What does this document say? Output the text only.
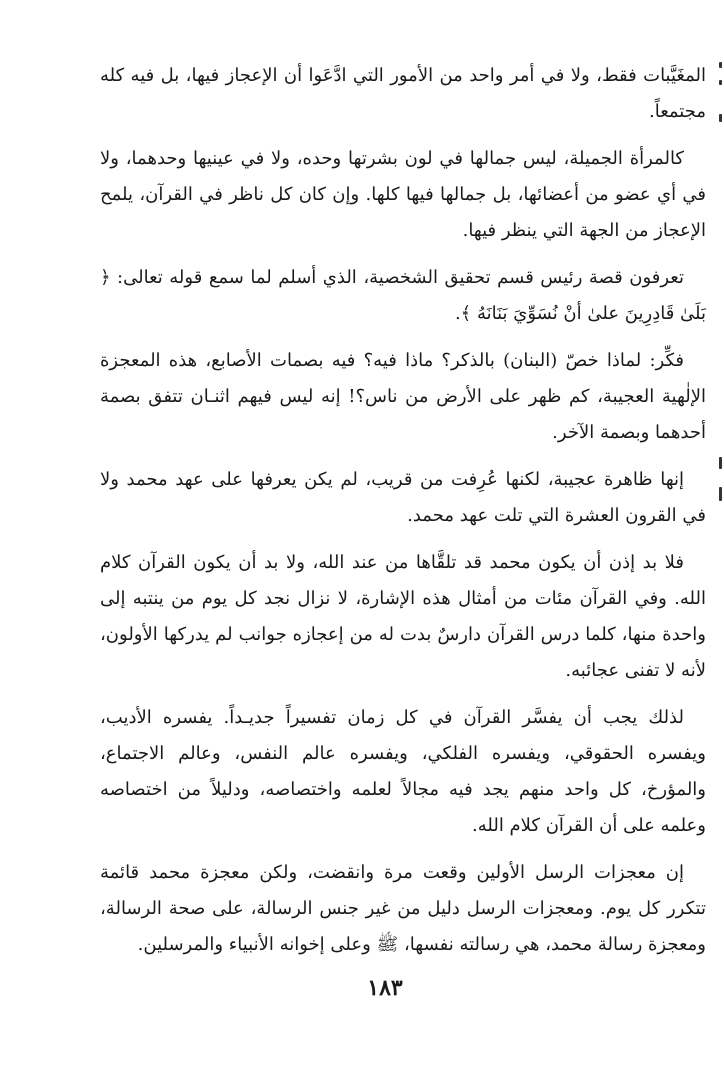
المغَيَّبات فقط، ولا في أمر واحد من الأمور التي ادَّعَوا أن الإعجاز فيها، بل فيه كله مجتمعاً.

كالمرأة الجميلة، ليس جمالها في لون بشرتها وحده، ولا في عينيها وحدهما، ولا في أي عضو من أعضائها، بل جمالها فيها كلها. وإن كان كل ناظر في القرآن، يلمح الإعجاز من الجهة التي ينظر فيها.

تعرفون قصة رئيس قسم تحقيق الشخصية، الذي أسلم لما سمع قوله تعالى: ﴿ بَلَىٰ قَادِرِينَ علىٰ أنْ نُسَوِّيَ بَنَانَهُ ﴾.

فكِّر: لماذا خصّ (البنان) بالذكر؟ ماذا فيه؟ فيه بصمات الأصابع، هذه المعجزة الإلٰهية العجيبة، كم ظهر على الأرض من ناس؟! إنه ليس فيهم اثنـان تتفق بصمة أحدهما وبصمة الآخر.

إنها ظاهرة عجيبة، لكنها عُرِفت من قريب، لم يكن يعرفها على عهد محمد ولا في القرون العشرة التي تلت عهد محمد.

فلا بد إذن أن يكون محمد قد تلقَّاها من عند الله، ولا بد أن يكون القرآن كلام الله. وفي القرآن مئات من أمثال هذه الإشارة، لا نزال نجد كل يوم من ينتبه إلى واحدة منها، كلما درس القرآن دارسٌ بدت له من إعجازه جوانب لم يدركها الأولون، لأنه لا تفنى عجائبه.

لذلك يجب أن يفسَّر القرآن في كل زمان تفسيراً جديـداً. يفسره الأديب، ويفسره الحقوقي، ويفسره الفلكي، ويفسره عالم النفس، وعالم الاجتماع، والمؤرخ، كل واحد منهم يجد فيه مجالاً لعلمه واختصاصه، ودليلاً من اختصاصه وعلمه على أن القرآن كلام الله.

إن معجزات الرسل الأولين وقعت مرة وانقضت، ولكن معجزة محمد قائمة تتكرر كل يوم. ومعجزات الرسل دليل من غير جنس الرسالة، على صحة الرسالة، ومعجزة رسالة محمد، هي رسالته نفسها، ﷺ وعلى إخوانه الأنبياء والمرسلين.

١٨٣
